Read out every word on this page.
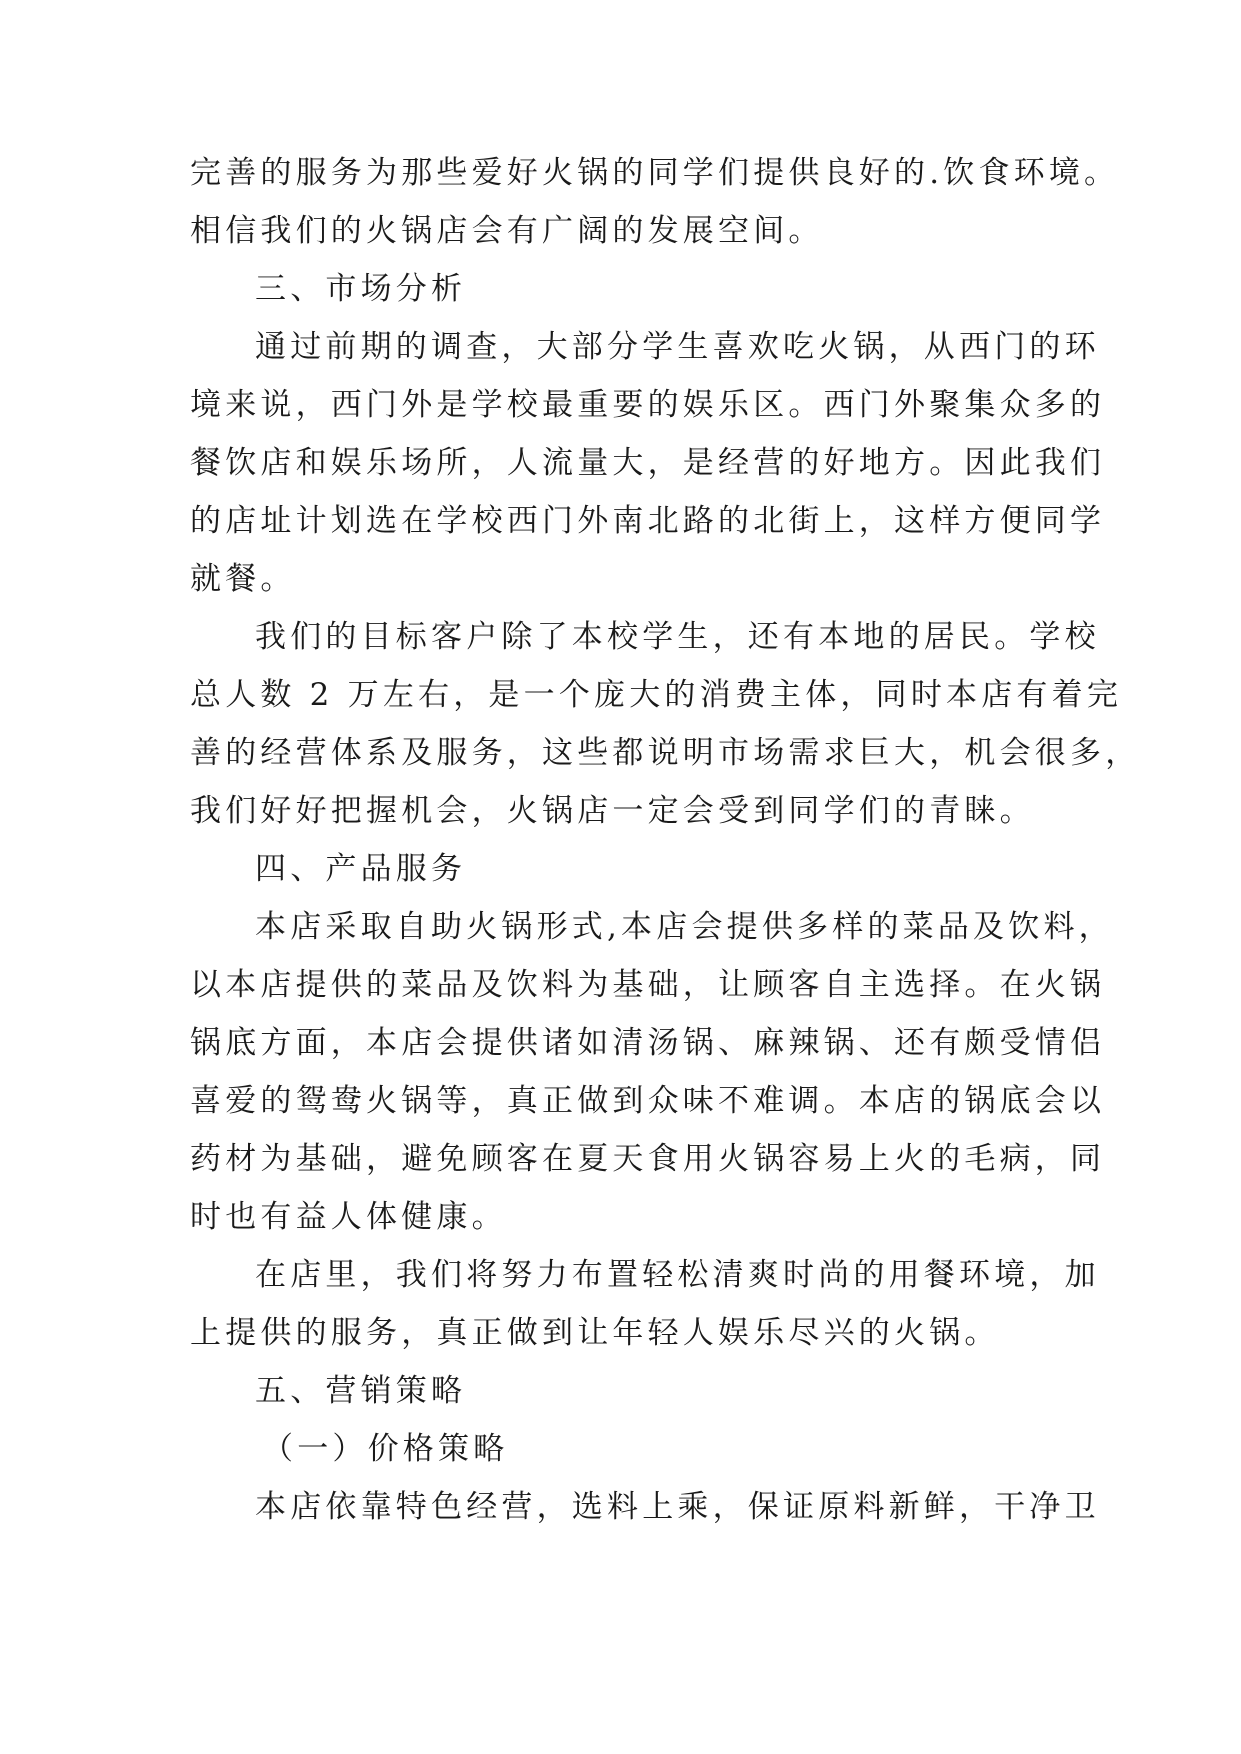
完善的服务为那些爱好火锅的同学们提供良好的.饮食环境。

相信我们的火锅店会有广阔的发展空间。

三、市场分析

通过前期的调查，大部分学生喜欢吃火锅，从西门的环

境来说，西门外是学校最重要的娱乐区。西门外聚集众多的

餐饮店和娱乐场所，人流量大，是经营的好地方。因此我们

的店址计划选在学校西门外南北路的北街上，这样方便同学

就餐。

我们的目标客户除了本校学生，还有本地的居民。学校

总人数 2 万左右，是一个庞大的消费主体，同时本店有着完

善的经营体系及服务，这些都说明市场需求巨大，机会很多，

我们好好把握机会，火锅店一定会受到同学们的青睐。

四、产品服务

本店采取自助火锅形式,本店会提供多样的菜品及饮料，

以本店提供的菜品及饮料为基础，让顾客自主选择。在火锅

锅底方面，本店会提供诸如清汤锅、麻辣锅、还有颇受情侣

喜爱的鸳鸯火锅等，真正做到众味不难调。本店的锅底会以

药材为基础，避免顾客在夏天食用火锅容易上火的毛病，同

时也有益人体健康。

在店里，我们将努力布置轻松清爽时尚的用餐环境，加

上提供的服务，真正做到让年轻人娱乐尽兴的火锅。

五、营销策略

（一）价格策略

本店依靠特色经营，选料上乘，保证原料新鲜，干净卫
